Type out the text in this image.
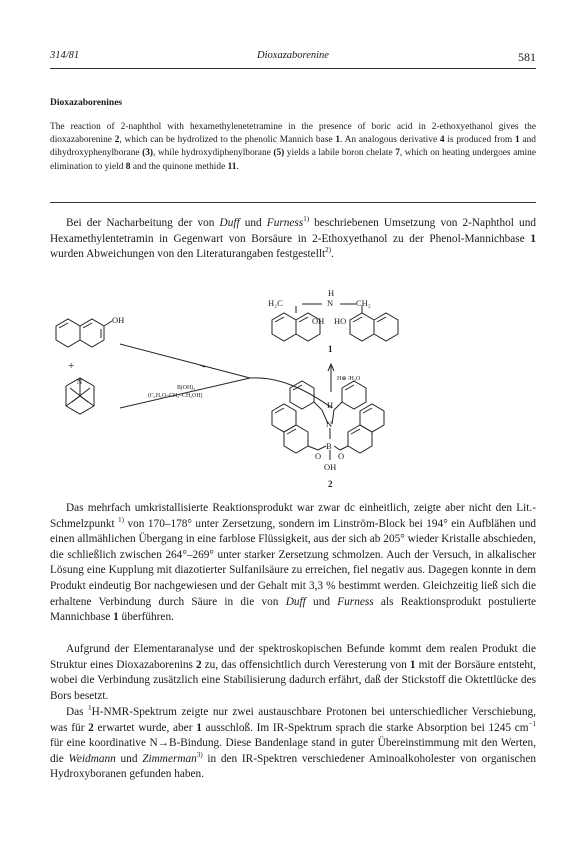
314/81	Dioxazaborenine	581
Dioxazaborenines
The reaction of 2-naphthol with hexamethylenetetramine in the presence of boric acid in 2-ethoxyethanol gives the dioxazaborenine 2, which can be hydrolized to the phenolic Mannich base 1. An analogous derivative 4 is produced from 1 and dihydroxyphenylborane (3), while hydroxydiphenylborane (5) yields a labile boron chelate 7, which on heating undergoes amine elimination to yield 8 and the quinone methide 11.
Bei der Nacharbeitung der von Duff und Furness$^{1)}$ beschriebenen Umsetzung von 2-Naphthol und Hexamethylentetramin in Gegenwart von Borsäure in 2-Ethoxyethanol zu der Phenol-Mannichbase 1 wurden Abweichungen von den Literaturangaben festgestellt$^{2)}$.
OH
+
N
B(OH)₃
(C₂H₅O–CH₂–CH₂OH)
H₂C
H
N	CH₂
OH HO
1
H⊕ /H₂O
H
N
B
O O
OH
2
Das mehrfach umkristallisierte Reaktionsprodukt war zwar dc einheitlich, zeigte aber nicht den Lit.-Schmelzpunkt $^{1)}$ von 170–178° unter Zersetzung, sondern im Linström-Block bei 194° ein Aufblähen und einen allmählichen Übergang in eine farblose Flüssigkeit, aus der sich ab 205° wieder Kristalle abschieden, die schließlich zwischen 264°–269° unter starker Zersetzung schmolzen. Auch der Versuch, in alkalischer Lösung eine Kupplung mit diazotierter Sulfanilsäure zu erreichen, fiel negativ aus. Dagegen konnte in dem Produkt eindeutig Bor nachgewiesen und der Gehalt mit 3,3 % bestimmt werden. Gleichzeitig ließ sich die erhaltene Verbindung durch Säure in die von Duff und Furness als Reaktionsprodukt postulierte Mannichbase 1 überführen.
Aufgrund der Elementaranalyse und der spektroskopischen Befunde kommt dem realen Produkt die Struktur eines Dioxazaborenins 2 zu, das offensichtlich durch Veresterung von 1 mit der Borsäure entsteht, wobei die Verbindung zusätzlich eine Stabilisierung dadurch erfährt, daß der Stickstoff die Oktettlücke des Bors besetzt.
Das $^1$H-NMR-Spektrum zeigte nur zwei austauschbare Protonen bei unterschiedlicher Verschiebung, was für 2 erwartet wurde, aber 1 ausschloß. Im IR-Spektrum sprach die starke Absorption bei 1245 $cm^{-1}$ für eine koordinative N→B-Bindung. Diese Bandenlage stand in guter Übereinstimmung mit den Werten, die Weidmann und Zimmerman$^{3)}$ in den IR-Spektren verschiedener Aminoalkoholester von organischen Hydroxyboranen gefunden haben.
